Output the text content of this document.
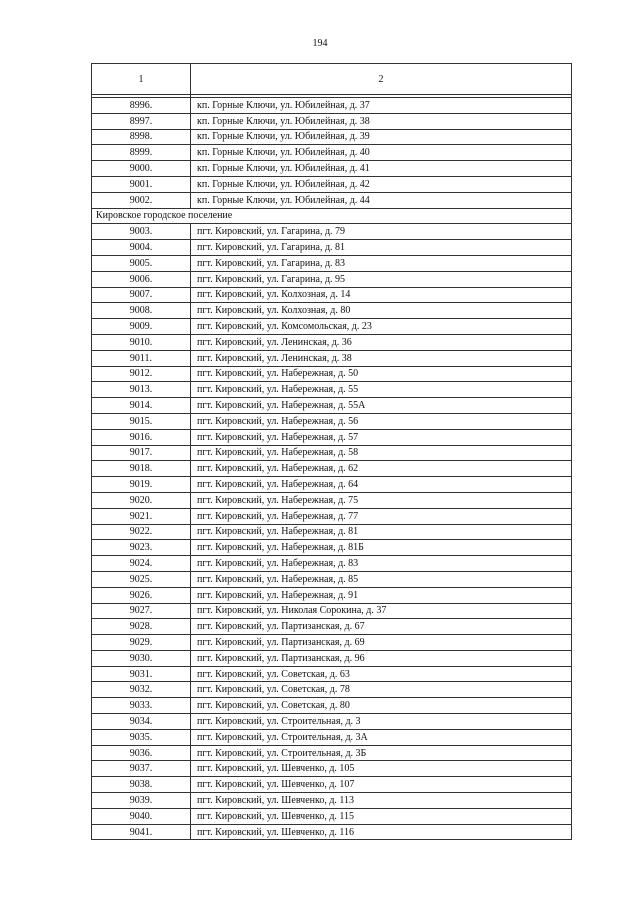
194
1	2

8996.	кп. Горные Ключи, ул. Юбилейная, д. 37
8997.	кп. Горные Ключи, ул. Юбилейная, д. 38
8998.	кп. Горные Ключи, ул. Юбилейная, д. 39
8999.	кп. Горные Ключи, ул. Юбилейная, д. 40
9000.	кп. Горные Ключи, ул. Юбилейная, д. 41
9001.	кп. Горные Ключи, ул. Юбилейная, д. 42
9002.	кп. Горные Ключи, ул. Юбилейная, д. 44
Кировское городское поселение	
9003.	пгт. Кировский, ул. Гагарина, д. 79
9004.	пгт. Кировский, ул. Гагарина, д. 81
9005.	пгт. Кировский, ул. Гагарина, д. 83
9006.	пгт. Кировский, ул. Гагарина, д. 95
9007.	пгт. Кировский, ул. Колхозная, д. 14
9008.	пгт. Кировский, ул. Колхозная, д. 80
9009.	пгт. Кировский, ул. Комсомольская, д. 23
9010.	пгт. Кировский, ул. Ленинская, д. 36
9011.	пгт. Кировский, ул. Ленинская, д. 38
9012.	пгт. Кировский, ул. Набережная, д. 50
9013.	пгт. Кировский, ул. Набережная, д. 55
9014.	пгт. Кировский, ул. Набережная, д. 55А
9015.	пгт. Кировский, ул. Набережная, д. 56
9016.	пгт. Кировский, ул. Набережная, д. 57
9017.	пгт. Кировский, ул. Набережная, д. 58
9018.	пгт. Кировский, ул. Набережная, д. 62
9019.	пгт. Кировский, ул. Набережная, д. 64
9020.	пгт. Кировский, ул. Набережная, д. 75
9021.	пгт. Кировский, ул. Набережная, д. 77
9022.	пгт. Кировский, ул. Набережная, д. 81
9023.	пгт. Кировский, ул. Набережная, д. 81Б
9024.	пгт. Кировский, ул. Набережная, д. 83
9025.	пгт. Кировский, ул. Набережная, д. 85
9026.	пгт. Кировский, ул. Набережная, д. 91
9027.	пгт. Кировский, ул. Николая Сорокина, д. 37
9028.	пгт. Кировский, ул. Партизанская, д. 67
9029.	пгт. Кировский, ул. Партизанская, д. 69
9030.	пгт. Кировский, ул. Партизанская, д. 96
9031.	пгт. Кировский, ул. Советская, д. 63
9032.	пгт. Кировский, ул. Советская, д. 78
9033.	пгт. Кировский, ул. Советская, д. 80
9034.	пгт. Кировский, ул. Строительная, д. 3
9035.	пгт. Кировский, ул. Строительная, д. 3А
9036.	пгт. Кировский, ул. Строительная, д. 3Б
9037.	пгт. Кировский, ул. Шевченко, д. 105
9038.	пгт. Кировский, ул. Шевченко, д. 107
9039.	пгт. Кировский, ул. Шевченко, д. 113
9040.	пгт. Кировский, ул. Шевченко, д. 115
9041.	пгт. Кировский, ул. Шевченко, д. 116
